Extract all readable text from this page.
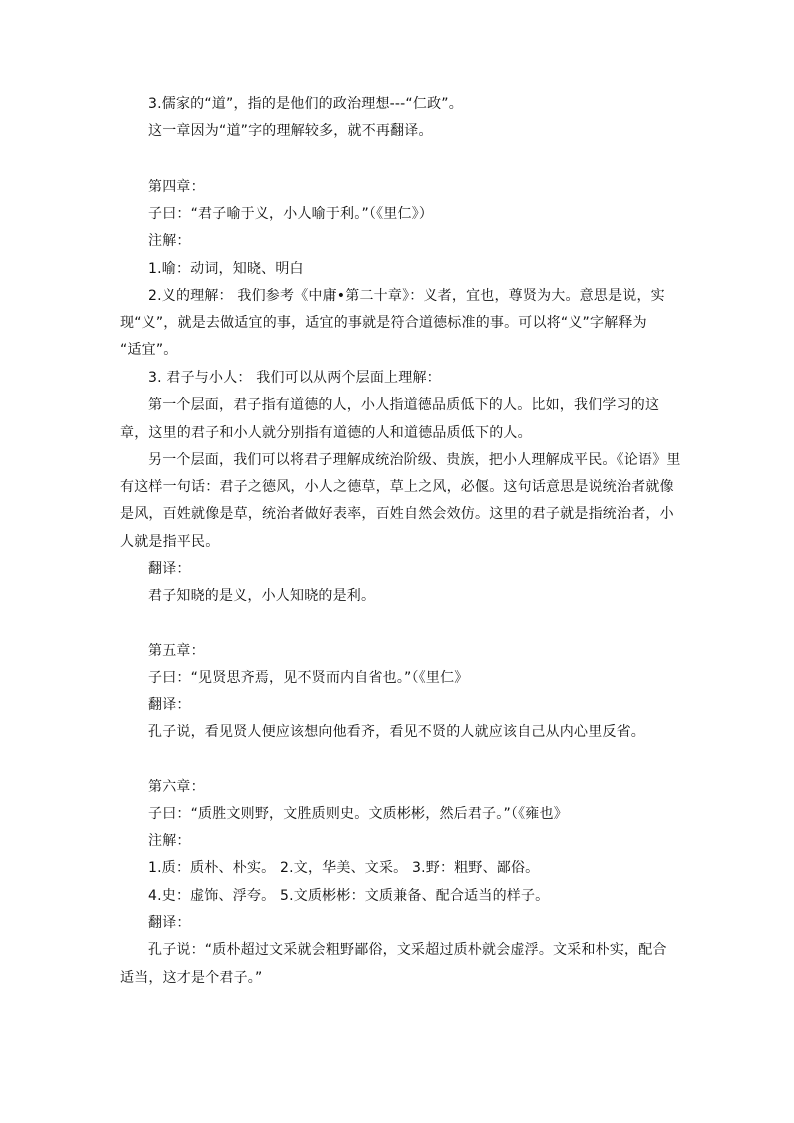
3.儒家的“道”，指的是他们的政治理想---“仁政”。
这一章因为“道”字的理解较多，就不再翻译。
第四章：
子曰：“君子喻于义，小人喻于利。”（《里仁》）
注解：
1.喻：动词，知晓、明白
2.义的理解： 我们参考《中庸•第二十章》：义者，宜也，尊贤为大。意思是说，实
现“义”，就是去做适宜的事，适宜的事就是符合道德标准的事。可以将“义”字解释为
“适宜”。
3. 君子与小人： 我们可以从两个层面上理解：
第一个层面，君子指有道德的人，小人指道德品质低下的人。比如，我们学习的这
章，这里的君子和小人就分别指有道德的人和道德品质低下的人。
另一个层面，我们可以将君子理解成统治阶级、贵族，把小人理解成平民。《论语》里
有这样一句话：君子之德风，小人之德草，草上之风，必偃。这句话意思是说统治者就像
是风，百姓就像是草，统治者做好表率，百姓自然会效仿。这里的君子就是指统治者，小
人就是指平民。
翻译：
君子知晓的是义，小人知晓的是利。
第五章：
子曰：“见贤思齐焉，见不贤而内自省也。”（《里仁》
翻译：
孔子说，看见贤人便应该想向他看齐，看见不贤的人就应该自己从内心里反省。
第六章：
子曰：“质胜文则野，文胜质则史。文质彬彬，然后君子。”（《雍也》
注解：
1.质：质朴、朴实。 2.文，华美、文采。 3.野：粗野、鄙俗。
4.史：虚饰、浮夸。 5.文质彬彬：文质兼备、配合适当的样子。
翻译：
孔子说：“质朴超过文采就会粗野鄙俗，文采超过质朴就会虚浮。文采和朴实，配合
适当，这才是个君子。”
